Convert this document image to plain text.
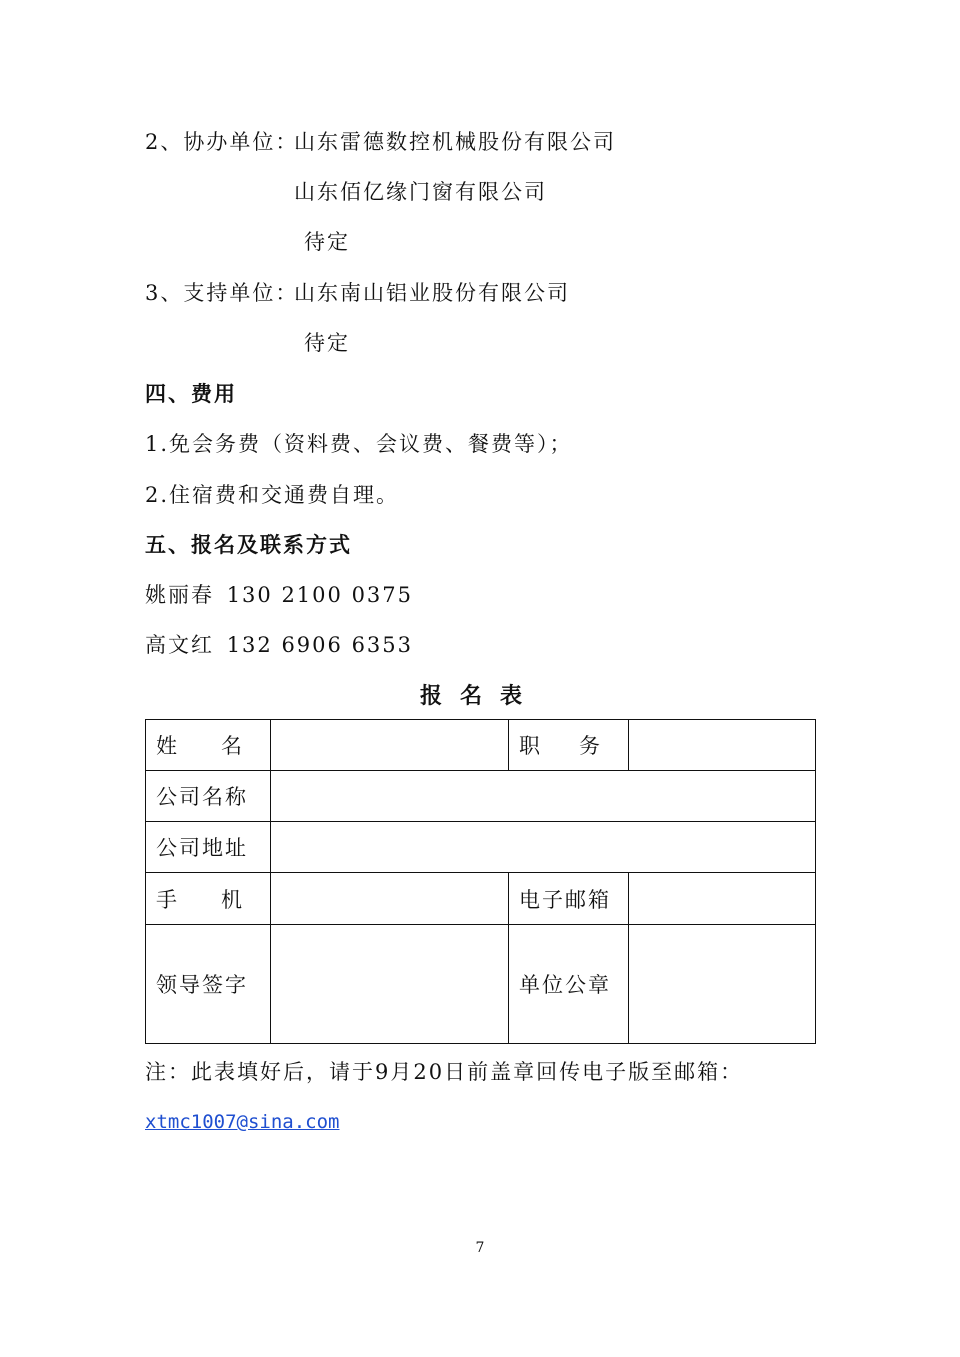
2、协办单位：
山东雷德数控机械股份有限公司
山东佰亿缘门窗有限公司
待定
3、支持单位：
山东南山铝业股份有限公司
待定
四、费用
1.免会务费（资料费、会议费、餐费等）；
2.住宿费和交通费自理。
五、报名及联系方式
姚丽春 130 2100 0375
高文红 132 6906 6353
报名表
姓 名		职 务	

公司名称			
公司地址			

手 机		电子邮箱	
领导签字		单位公章	
注：此表填好后，请于9月20日前盖章回传电子版至邮箱：
xtmc1007@sina.com
7
